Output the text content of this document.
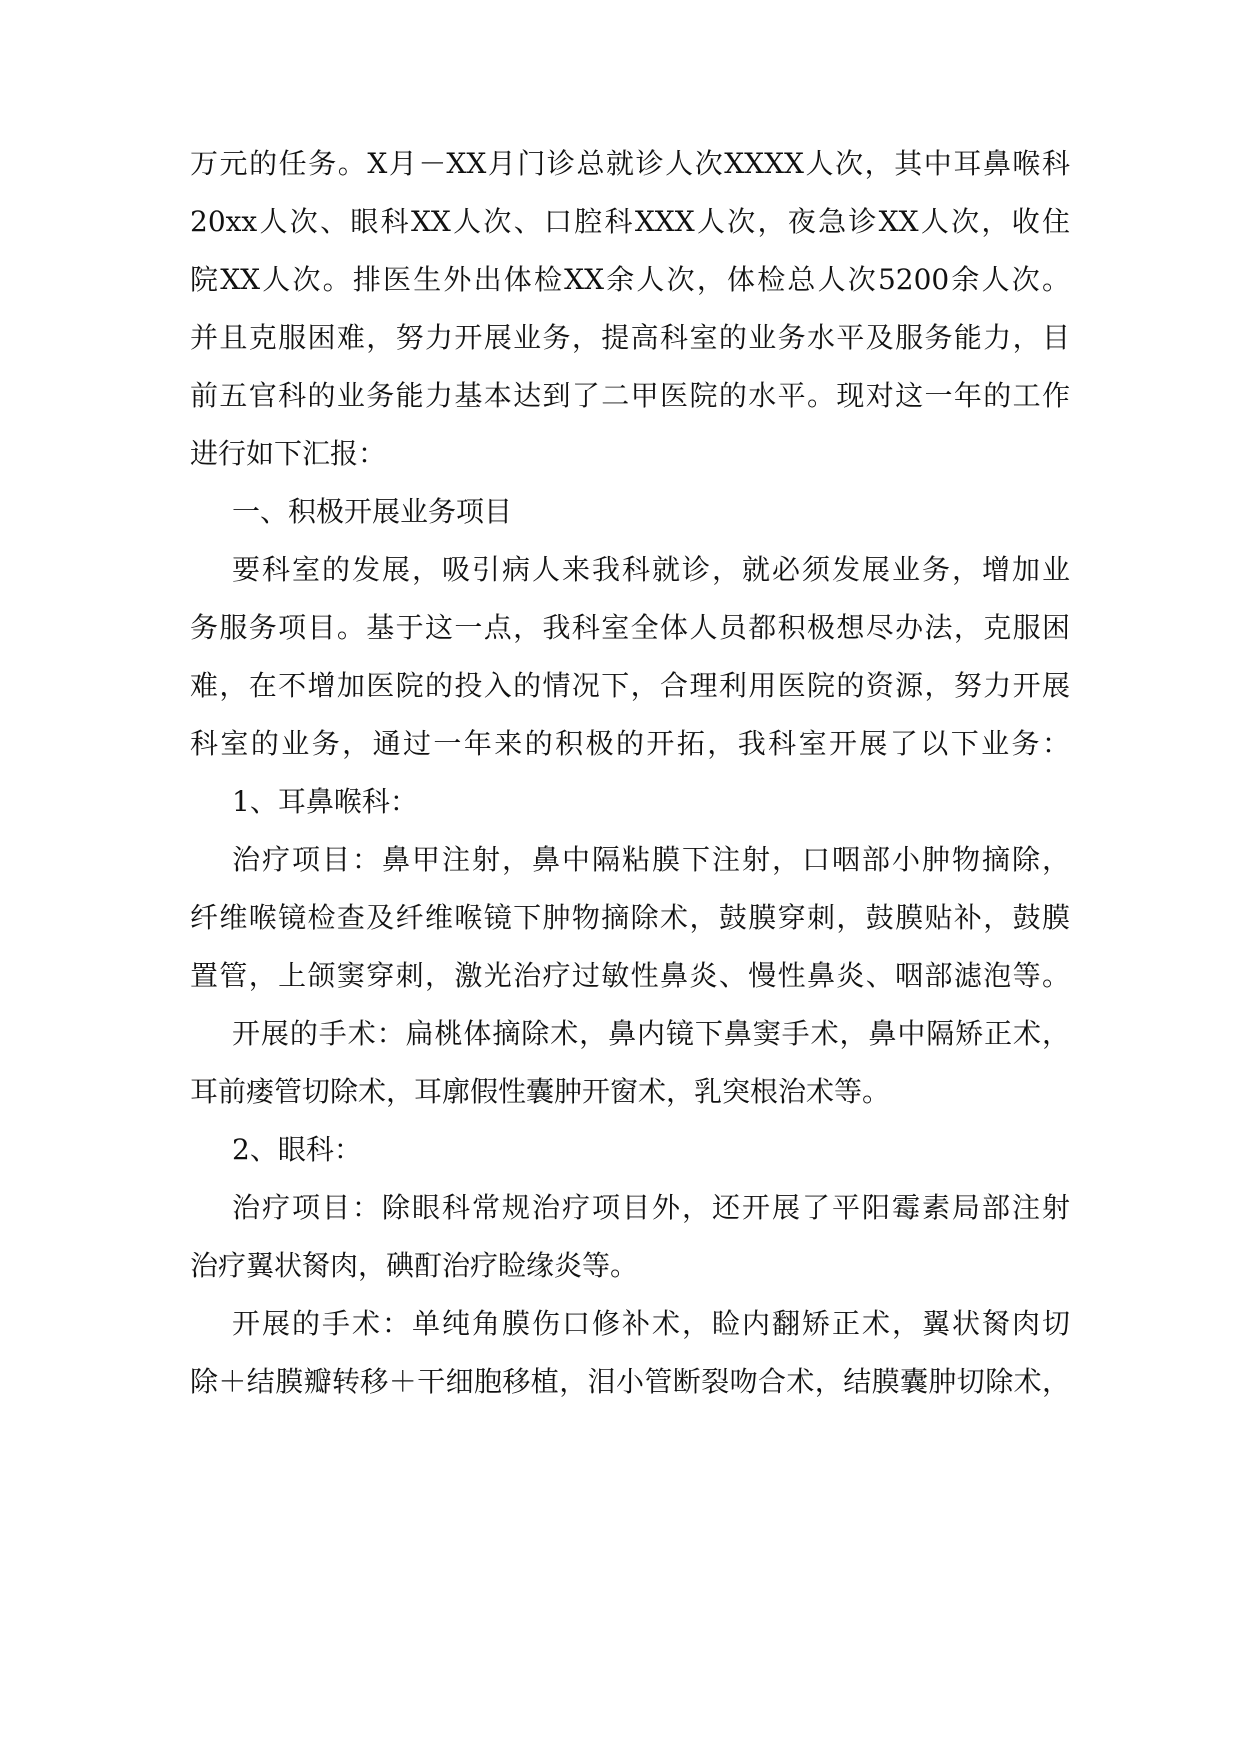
万元的任务。X月－XX月门诊总就诊人次XXXX人次，其中耳鼻喉科
20xx人次、眼科XX人次、口腔科XXX人次，夜急诊XX人次，收住
院XX人次。排医生外出体检XX余人次，体检总人次5200余人次。
并且克服困难，努力开展业务，提高科室的业务水平及服务能力，目
前五官科的业务能力基本达到了二甲医院的水平。现对这一年的工作
进行如下汇报：
一、积极开展业务项目
要科室的发展，吸引病人来我科就诊，就必须发展业务，增加业
务服务项目。基于这一点，我科室全体人员都积极想尽办法，克服困
难，在不增加医院的投入的情况下，合理利用医院的资源，努力开展
科室的业务，通过一年来的积极的开拓，我科室开展了以下业务：
1、耳鼻喉科：
治疗项目：鼻甲注射，鼻中隔粘膜下注射，口咽部小肿物摘除，
纤维喉镜检查及纤维喉镜下肿物摘除术，鼓膜穿刺，鼓膜贴补，鼓膜
置管，上颌窦穿刺，激光治疗过敏性鼻炎、慢性鼻炎、咽部滤泡等。
开展的手术：扁桃体摘除术，鼻内镜下鼻窦手术，鼻中隔矫正术，
耳前瘘管切除术，耳廓假性囊肿开窗术，乳突根治术等。
2、眼科：
治疗项目：除眼科常规治疗项目外，还开展了平阳霉素局部注射
治疗翼状胬肉，碘酊治疗睑缘炎等。
开展的手术：单纯角膜伤口修补术，睑内翻矫正术，翼状胬肉切
除＋结膜瓣转移＋干细胞移植，泪小管断裂吻合术，结膜囊肿切除术，
